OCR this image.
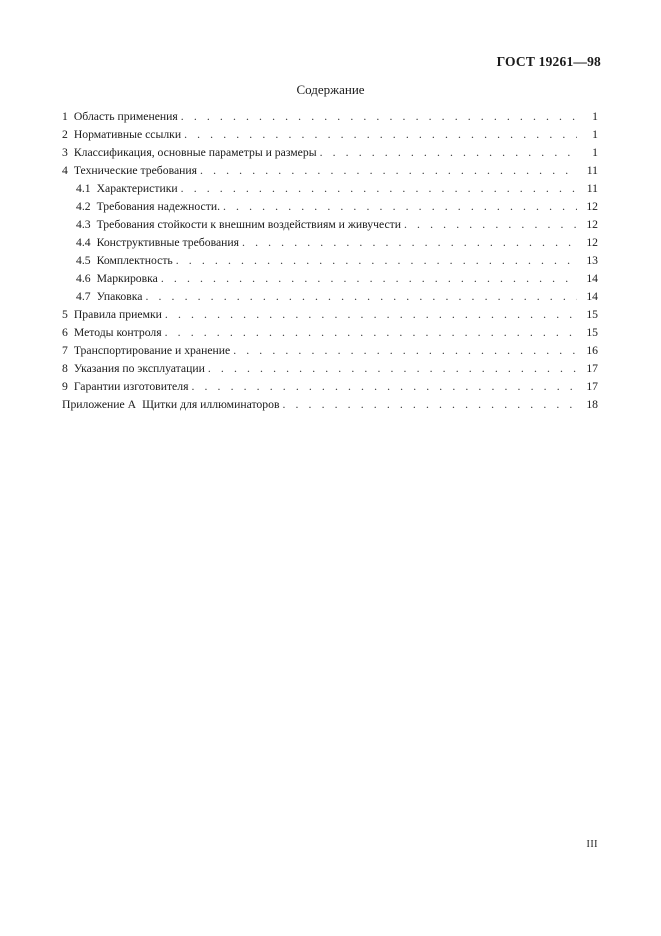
ГОСТ 19261—98
Содержание
1 Область применения . . .	1
2 Нормативные ссылки . . .	1
3 Классификация, основные параметры и размеры . . .	1
4 Технические требования . . .	11
4.1 Характеристики . . .	11
4.2 Требования надежности. . . .	12
4.3 Требования стойкости к внешним воздействиям и живучести . . .	12
4.4 Конструктивные требования . . .	12
4.5 Комплектность . . .	13
4.6 Маркировка . . .	14
4.7 Упаковка . . .	14
5 Правила приемки . . .	15
6 Методы контроля . . .	15
7 Транспортирование и хранение . . .	16
8 Указания по эксплуатации . . .	17
9 Гарантии изготовителя . . .	17
Приложение А Щитки для иллюминаторов . . .	18
III
